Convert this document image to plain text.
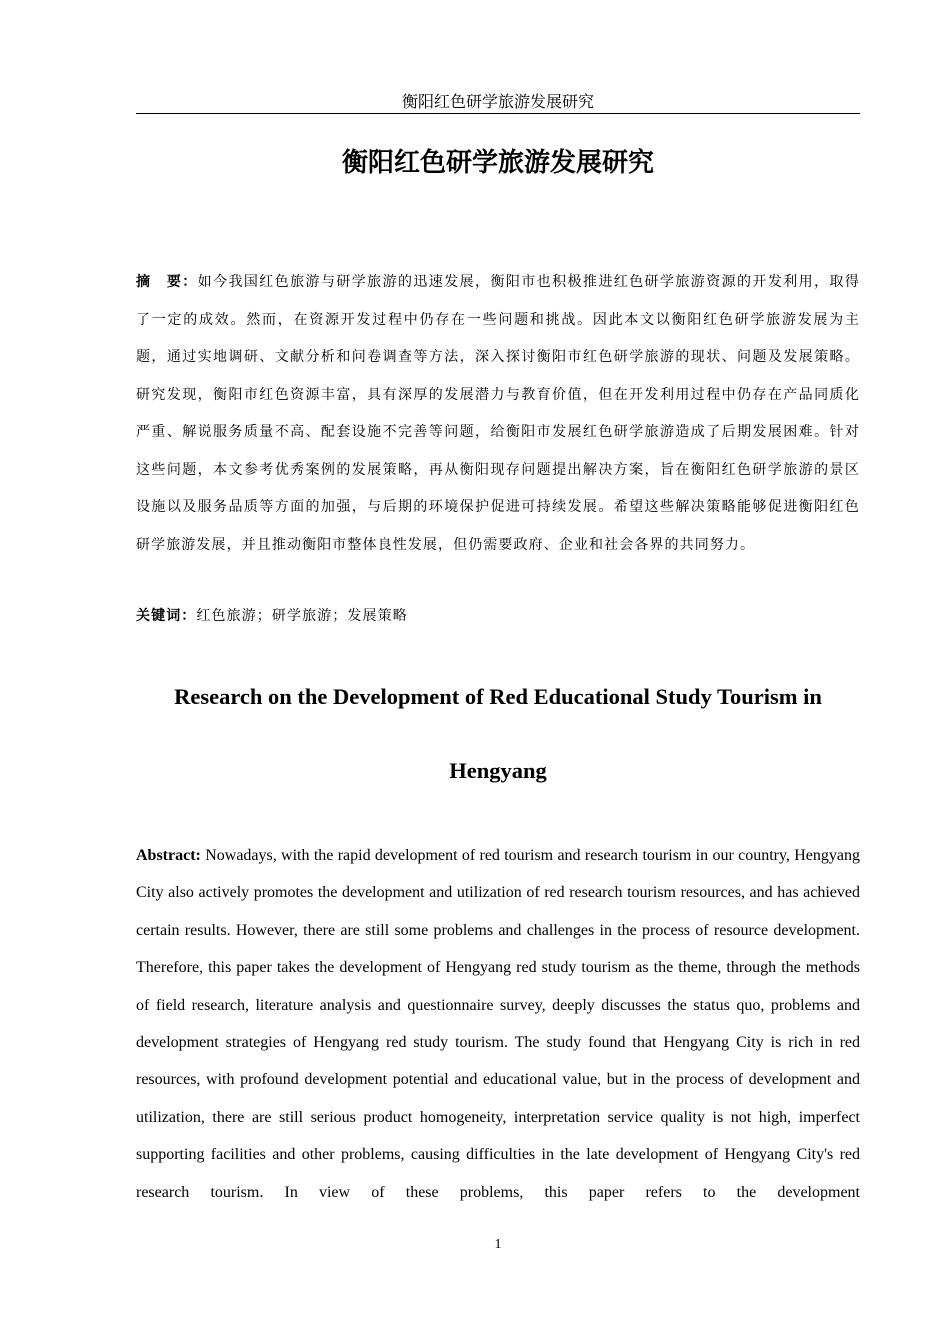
衡阳红色研学旅游发展研究
衡阳红色研学旅游发展研究
摘　要：如今我国红色旅游与研学旅游的迅速发展，衡阳市也积极推进红色研学旅游资源的开发利用，取得了一定的成效。然而，在资源开发过程中仍存在一些问题和挑战。因此本文以衡阳红色研学旅游发展为主题，通过实地调研、文献分析和问卷调查等方法，深入探讨衡阳市红色研学旅游的现状、问题及发展策略。研究发现，衡阳市红色资源丰富，具有深厚的发展潜力与教育价值，但在开发利用过程中仍存在产品同质化严重、解说服务质量不高、配套设施不完善等问题，给衡阳市发展红色研学旅游造成了后期发展困难。针对这些问题，本文参考优秀案例的发展策略，再从衡阳现存问题提出解决方案，旨在衡阳红色研学旅游的景区设施以及服务品质等方面的加强，与后期的环境保护促进可持续发展。希望这些解决策略能够促进衡阳红色研学旅游发展，并且推动衡阳市整体良性发展，但仍需要政府、企业和社会各界的共同努力。
关键词：红色旅游；研学旅游；发展策略
Research on the Development of Red Educational Study Tourism in Hengyang
Abstract: Nowadays, with the rapid development of red tourism and research tourism in our country, Hengyang City also actively promotes the development and utilization of red research tourism resources, and has achieved certain results. However, there are still some problems and challenges in the process of resource development. Therefore, this paper takes the development of Hengyang red study tourism as the theme, through the methods of field research, literature analysis and questionnaire survey, deeply discusses the status quo, problems and development strategies of Hengyang red study tourism. The study found that Hengyang City is rich in red resources, with profound development potential and educational value, but in the process of development and utilization, there are still serious product homogeneity, interpretation service quality is not high, imperfect supporting facilities and other problems, causing difficulties in the late development of Hengyang City's red research tourism. In view of these problems, this paper refers to the development
1
